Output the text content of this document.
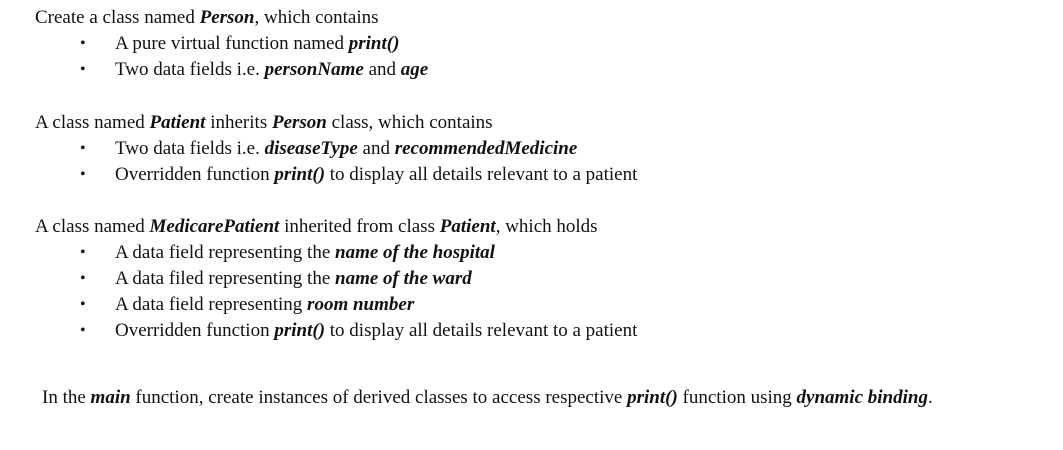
Create a class named Person, which contains

• A pure virtual function named print()
• Two data fields i.e. personName and age

A class named Patient inherits Person class, which contains

• Two data fields i.e. diseaseType and recommendedMedicine
• Overridden function print() to display all details relevant to a patient

A class named MedicarePatient inherited from class Patient, which holds

• A data field representing the name of the hospital
• A data filed representing the name of the ward
• A data field representing room number
• Overridden function print() to display all details relevant to a patient

In the main function, create instances of derived classes to access respective print() function using dynamic binding.
